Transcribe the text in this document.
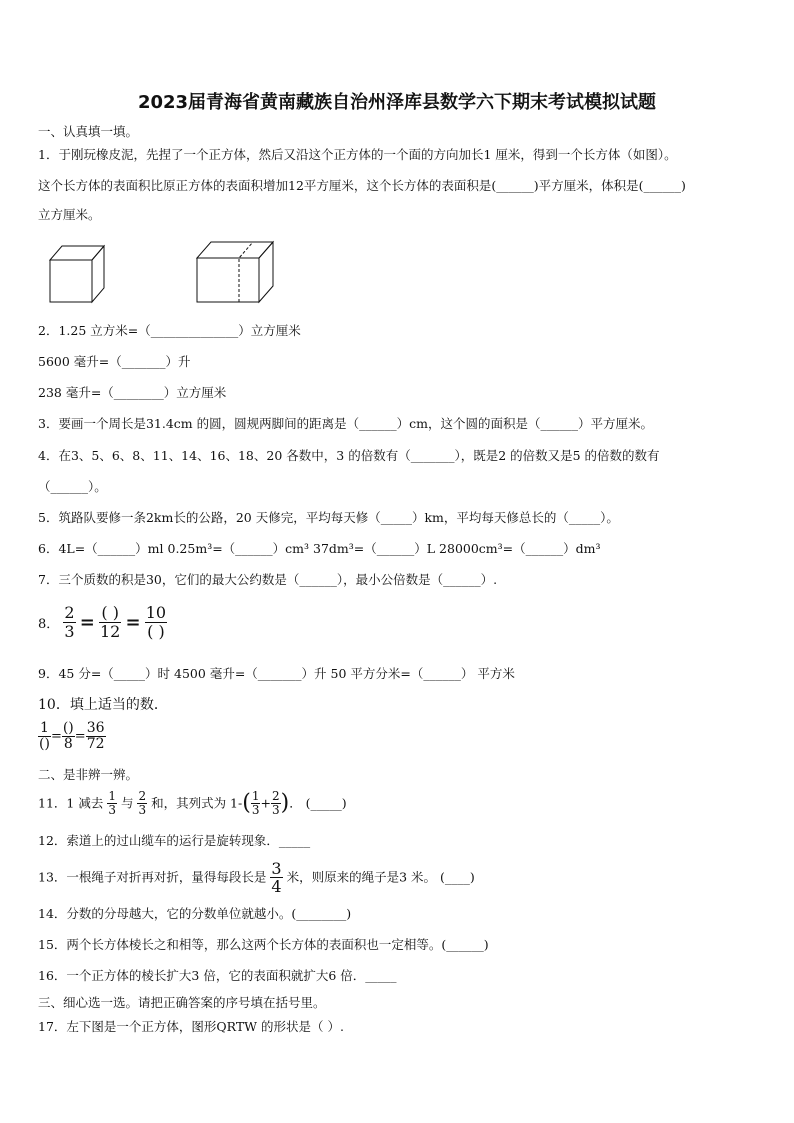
2023届青海省黄南藏族自治州泽库县数学六下期末考试模拟试题
一、认真填一填。
1．于刚玩橡皮泥，先捏了一个正方体，然后又沿这个正方体的一个面的方向加长1 厘米，得到一个长方体（如图）。
这个长方体的表面积比原正方体的表面积增加12平方厘米，这个长方体的表面积是(______)平方厘米，体积是(______)
立方厘米。
2．1.25 立方米=（______________）立方厘米
5600 毫升=（_______）升
238 毫升=（________）立方厘米
3．要画一个周长是31.4cm 的圆，圆规两脚间的距离是（______）cm，这个圆的面积是（______）平方厘米。
4．在3、5、6、8、11、14、16、18、20 各数中，3 的倍数有（_______），既是2 的倍数又是5 的倍数的数有
（______）。
5．筑路队要修一条2km长的公路，20 天修完，平均每天修（_____）km，平均每天修总长的（_____）。
6．4L=（______）ml 0.25m³=（______）cm³ 37dm³=（______）L 28000cm³=（______）dm³
7．三个质数的积是30，它们的最大公约数是（______），最小公倍数是（______）.
8． $\frac{2}{3} = \frac{( )}{12} = \frac{10}{( )}$
9．45 分=（_____）时 4500 毫升=（_______）升 50 平方分米=（______） 平方米
10．填上适当的数．
$\frac{1}{()} = \frac{()}{8} = \frac{36}{72}$
二、是非辨一辨。
11．1 减去 $\frac{1}{3}$ 与 $\frac{2}{3}$ 和，其列式为 $1-( \frac{1}{3} + \frac{2}{3}$ )． (_____)
12．索道上的过山缆车的运行是旋转现象．_____
13．一根绳子对折再对折，量得每段长是 $\frac{3}{4}$ 米，则原来的绳子是3 米。 (____)
14．分数的分母越大，它的分数单位就越小。(________)
15．两个长方体棱长之和相等，那么这两个长方体的表面积也一定相等。(______)
16．一个正方体的棱长扩大3 倍，它的表面积就扩大6 倍．_____
三、细心选一选。请把正确答案的序号填在括号里。
17．左下图是一个正方体，图形QRTW 的形状是（ ）.
